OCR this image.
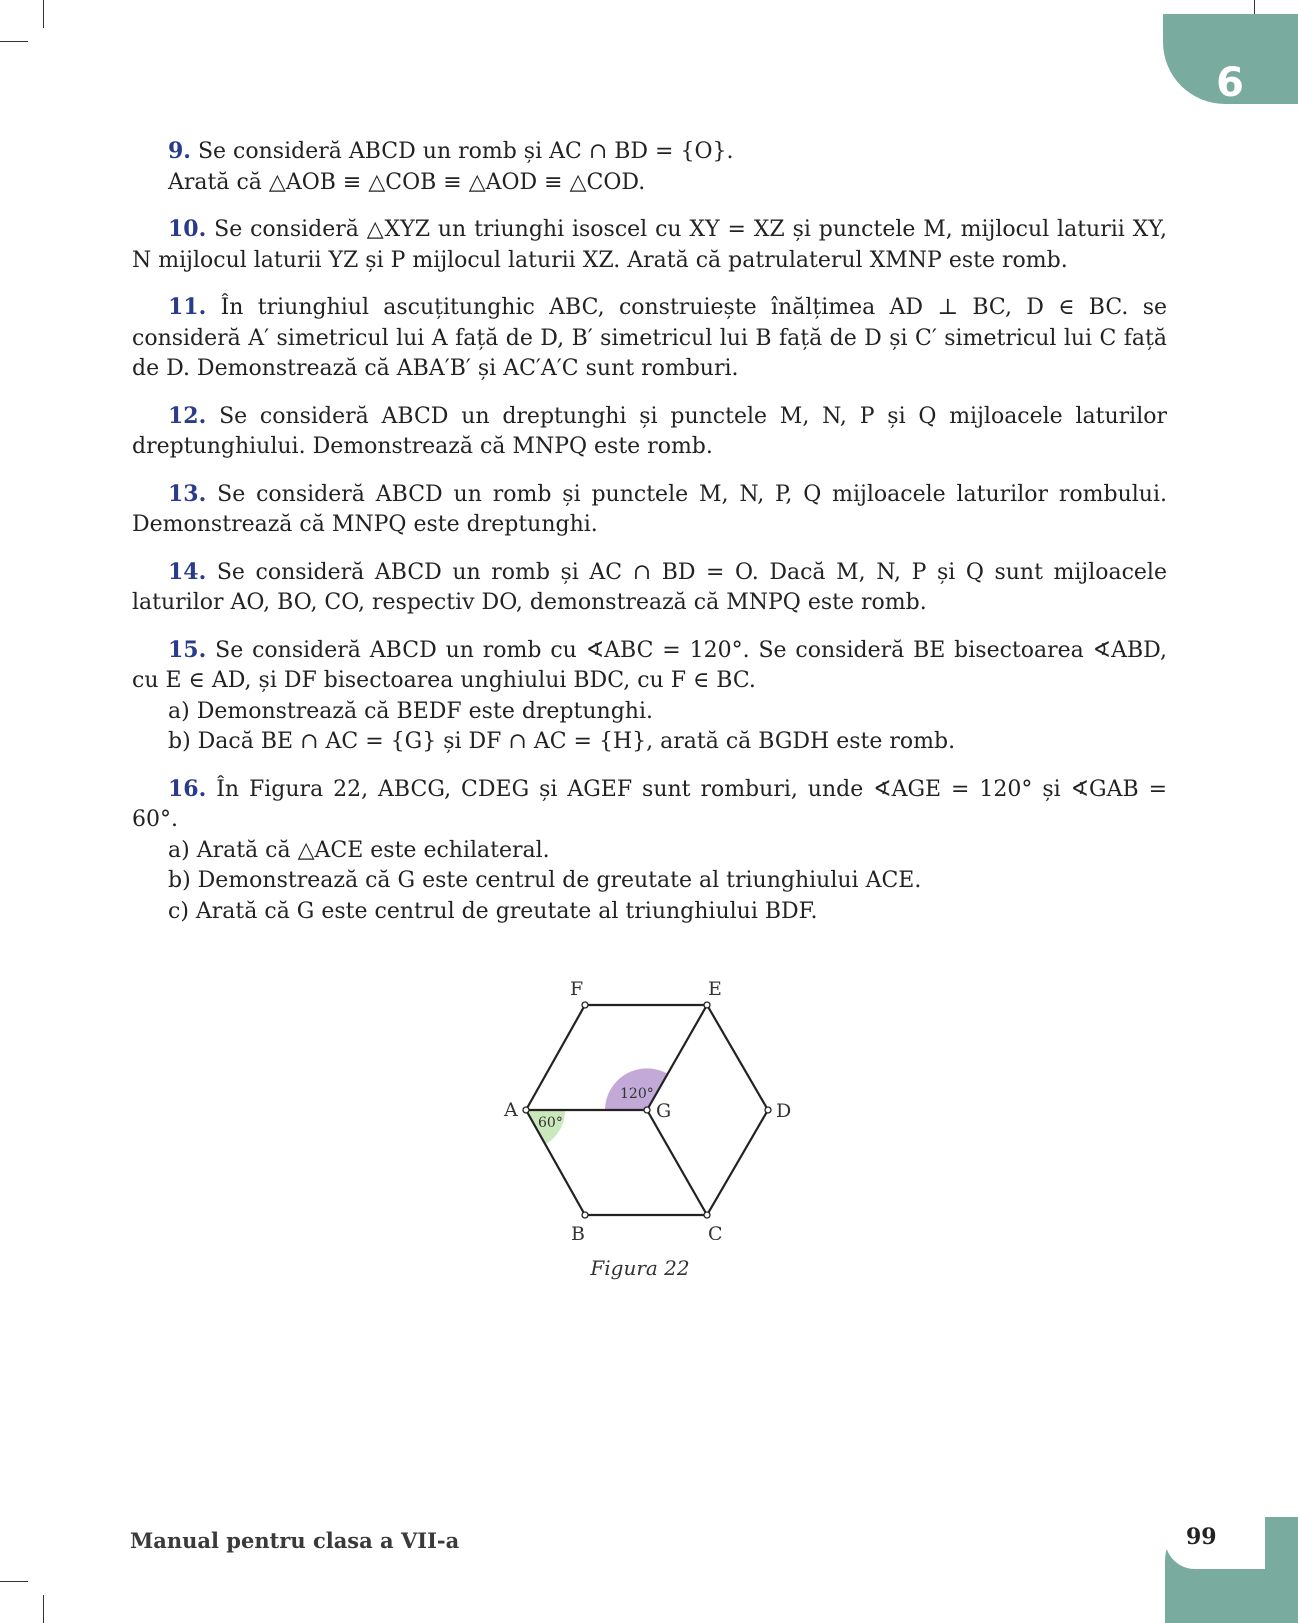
6
9. Se consideră ABCD un romb și AC ∩ BD = {O}.
Arată că △AOB ≡ △COB ≡ △AOD ≡ △COD.
10. Se consideră △XYZ un triunghi isoscel cu XY = XZ și punctele M, mijlocul laturii XY, N mijlocul laturii YZ și P mijlocul laturii XZ. Arată că patrulaterul XMNP este romb.
11. În triunghiul ascuțitunghic ABC, construiește înălțimea AD ⊥ BC, D ∈ BC. se consideră A′ simetricul lui A față de D, B′ simetricul lui B față de D și C′ simetricul lui C față de D. Demonstrează că ABA′B′ și AC′A′C sunt romburi.
12. Se consideră ABCD un dreptunghi și punctele M, N, P și Q mijloacele laturilor dreptunghiului. Demonstrează că MNPQ este romb.
13. Se consideră ABCD un romb și punctele M, N, P, Q mijloacele laturilor rombului. Demonstrează că MNPQ este dreptunghi.
14. Se consideră ABCD un romb și AC ∩ BD = O. Dacă M, N, P și Q sunt mijloacele laturilor AO, BO, CO, respectiv DO, demonstrează că MNPQ este romb.
15. Se consideră ABCD un romb cu ∢ABC = 120°. Se consideră BE bisectoarea ∢ABD, cu E ∈ AD, și DF bisectoarea unghiului BDC, cu F ∈ BC.
a) Demonstrează că BEDF este dreptunghi.
b) Dacă BE ∩ AC = {G} și DF ∩ AC = {H}, arată că BGDH este romb.
16. În Figura 22, ABCG, CDEG și AGEF sunt romburi, unde ∢AGE = 120° și ∢GAB = 60°.
a) Arată că △ACE este echilateral.
b) Demonstrează că G este centrul de greutate al triunghiului ACE.
c) Arată că G este centrul de greutate al triunghiului BDF.
120°
60°
A
B	C
D
E
F
G
Figura 22
Manual pentru clasa a VII-a	99
